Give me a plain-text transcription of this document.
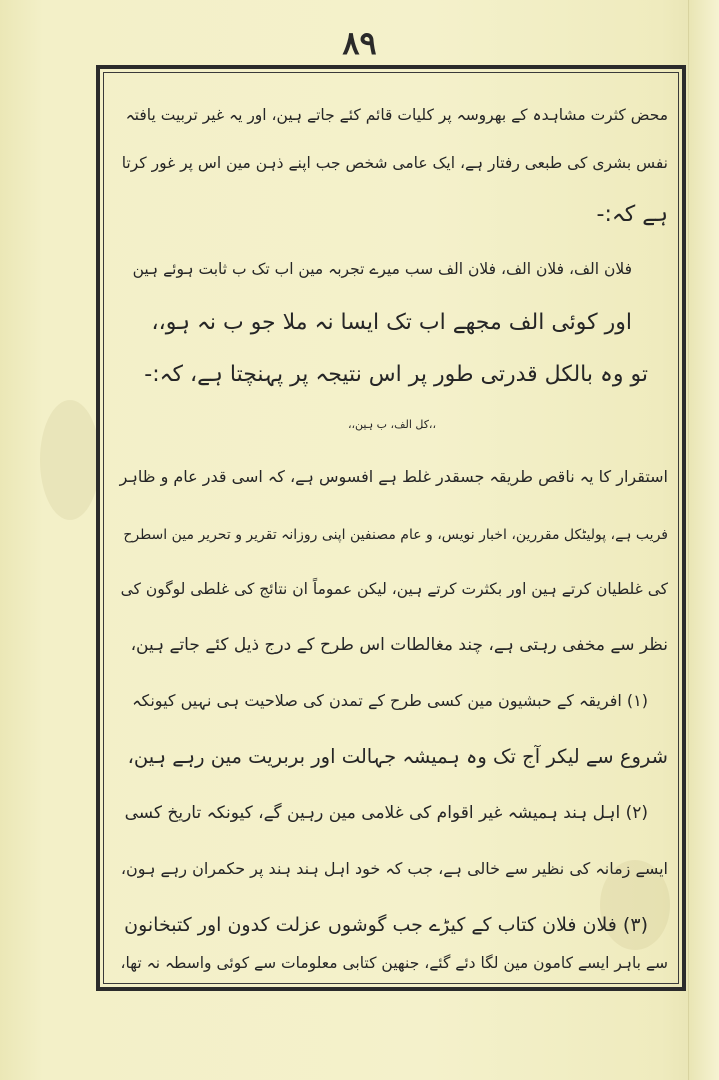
۸۹
محض کثرت مشاہدہ کے بھروسہ پر کلیات قائم کئے جاتے ہین، اور یہ غیر تربیت یافتہ
نفس بشری کی طبعی رفتار ہے، ایک عامی شخص جب اپنے ذہن مین اس پر غور کرتا
ہے کہ:-
فلان الف، فلان الف، فلان الف سب میرے تجربہ مین اب تک ب ثابت ہوئے ہین
اور کوئی الف مجھے اب تک ایسا نہ ملا جو ب نہ ہو،،
تو وہ بالکل قدرتی طور پر اس نتیجہ پر پہنچتا ہے، کہ:-
،،کل الف، ب ہین،،
استقرار کا یہ ناقص طریقہ جسقدر غلط ہے افسوس ہے، کہ اسی قدر عام و ظاہر
فریب ہے، پولیٹکل مقررین، اخبار نویس، و عام مصنفین اپنی روزانہ تقریر و تحریر مین اسطرح
کی غلطیان کرتے ہین اور بکثرت کرتے ہین، لیکن عموماً ان نتائج کی غلطی لوگون کی
نظر سے مخفی رہتی ہے، چند مغالطات اس طرح کے درج ذیل کئے جاتے ہین،
(۱) افریقہ کے حبشیون مین کسی طرح کے تمدن کی صلاحیت ہی نہیں کیونکہ
شروع سے لیکر آج تک وہ ہمیشہ جہالت اور بربریت مین رہے ہین،
(۲) اہل ہند ہمیشہ غیر اقوام کی غلامی مین رہین گے، کیونکہ تاریخ کسی
ایسے زمانہ کی نظیر سے خالی ہے، جب کہ خود اہل ہند ہند پر حکمران رہے ہون،
(۳) فلان فلان کتاب کے کیڑے جب گوشوں عزلت کدون اور کتبخانون
سے باہر ایسے کامون مین لگا دئے گئے، جنھین کتابی معلومات سے کوئی واسطہ نہ تھا،
